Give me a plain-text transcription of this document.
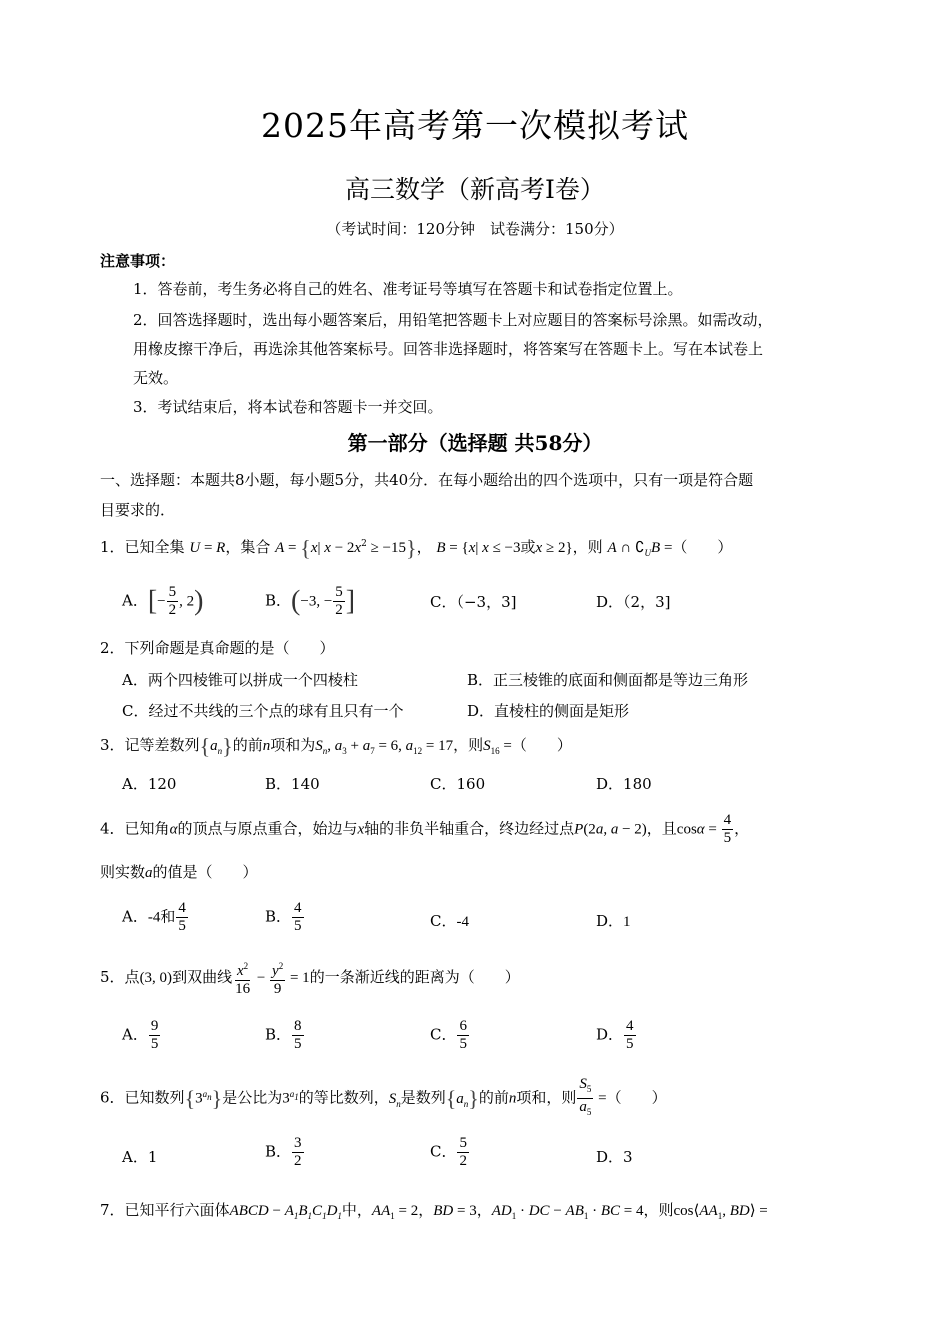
2025年高考第一次模拟考试
高三数学（新高考Ⅰ卷）
（考试时间：120分钟　试卷满分：150分）
注意事项：
1．答卷前，考生务必将自己的姓名、准考证号等填写在答题卡和试卷指定位置上。
2．回答选择题时，选出每小题答案后，用铅笔把答题卡上对应题目的答案标号涂黑。如需改动，
用橡皮擦干净后，再选涂其他答案标号。回答非选择题时，将答案写在答题卡上。写在本试卷上
无效。
3．考试结束后，将本试卷和答题卡一并交回。
第一部分（选择题 共58分）
一、选择题：本题共8小题，每小题5分，共40分．在每小题给出的四个选项中，只有一项是符合题
目要求的．
1．已知全集 U = R，集合 A = {x| $x - 2x^2 \ge -15$}， B = {x| x ≤ −3或x ≥ 2}，则 A ∩ $∁_UB$ =（　　）
A．[− $\frac{5}{2}$ , 2)	B．(−3, − $\frac{5}{2}$ ]	C．（−3，3]	D．（2，3]
2．下列命题是真命题的是（　　）
A．两个四棱锥可以拼成一个四棱柱	B．正三棱锥的底面和侧面都是等边三角形
C．经过不共线的三个点的球有且只有一个	D．直棱柱的侧面是矩形
3．记等差数列$\{a_n\}$的前n项和为$S_n$, $a_3 + a_7 = 6$, $a_{12} = 17$，则$S_{16}$ =（　　）
A．120	B．140	C．160	D．180
4．已知角α的顶点与原点重合，始边与x轴的非负半轴重合，终边经过点P(2a, a − 2)，且$\cos\alpha = \frac{4}{5}$ ，
则实数a的值是（　　）
A．-4和 $\frac{4}{5}$	B． $\frac{4}{5}$	C．-4	D．1
5．点(3, 0)到双曲线 $\frac{x^2}{16} - \frac{y^2}{9} = 1$的一条渐近线的距离为（　　）
A． $\frac{9}{5}$	B． $\frac{8}{5}$	C． $\frac{6}{5}$	D． $\frac{4}{5}$
6．已知数列$\{3^{a_n}\}$是公比为$3^{a_1}$的等比数列，$S_n$是数列$\{a_n\}$的前n项和，则 $\frac{S_5}{a_5}$ =（　　）
A．1	B． $\frac{3}{2}$	C． $\frac{5}{2}$	D．3
7．已知平行六面体ABCD − $A_1B_1C_1D_1$中，$AA_1 = 2$，BD = 3，$AD_1$ · DC − $AB_1$ · BC = 4，则$\cos⟨AA_1$, BD⟩ =
